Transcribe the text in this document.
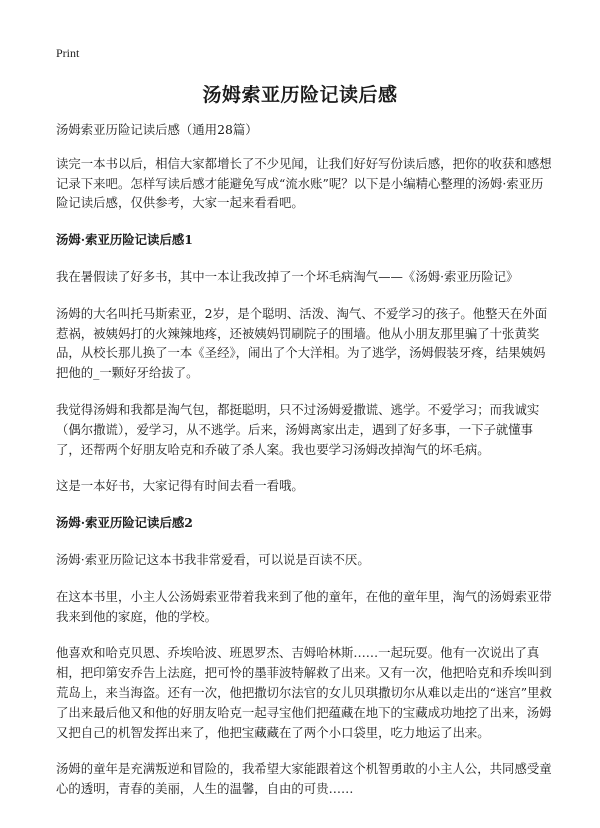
Print
汤姆索亚历险记读后感

汤姆索亚历险记读后感（通用28篇）

读完一本书以后，相信大家都增长了不少见闻，让我们好好写份读后感，把你的收获和感想记录下来吧。怎样写读后感才能避免写成“流水账”呢？以下是小编精心整理的汤姆·索亚历险记读后感，仅供参考，大家一起来看看吧。

汤姆·索亚历险记读后感1

我在暑假读了好多书，其中一本让我改掉了一个坏毛病淘气——《汤姆·索亚历险记》

汤姆的大名叫托马斯索亚，2岁，是个聪明、活泼、淘气、不爱学习的孩子。他整天在外面惹祸，被姨妈打的火辣辣地疼，还被姨妈罚刷院子的围墙。他从小朋友那里骗了十张黄奖品，从校长那儿换了一本《圣经》，闹出了个大洋相。为了逃学，汤姆假装牙疼，结果姨妈把他的_一颗好牙给拔了。

我觉得汤姆和我都是淘气包，都挺聪明，只不过汤姆爱撒谎、逃学。不爱学习；而我诚实（偶尔撒谎），爱学习，从不逃学。后来，汤姆离家出走，遇到了好多事，一下子就懂事了，还帮两个好朋友哈克和乔破了杀人案。我也要学习汤姆改掉淘气的坏毛病。

这是一本好书，大家记得有时间去看一看哦。

汤姆·索亚历险记读后感2

汤姆·索亚历险记这本书我非常爱看，可以说是百读不厌。

在这本书里，小主人公汤姆索亚带着我来到了他的童年，在他的童年里，淘气的汤姆索亚带我来到他的家庭，他的学校。

他喜欢和哈克贝恩、乔埃哈波、班恩罗杰、吉姆哈林斯……一起玩耍。他有一次说出了真相，把印第安乔告上法庭，把可怜的墨菲波特解救了出来。又有一次，他把哈克和乔埃叫到荒岛上，来当海盗。还有一次，他把撒切尔法官的女儿贝琪撒切尔从难以走出的“迷宫”里救了出来最后他又和他的好朋友哈克一起寻宝他们把蕴藏在地下的宝藏成功地挖了出来，汤姆又把自己的机智发挥出来了，他把宝藏藏在了两个小口袋里，吃力地运了出来。

汤姆的童年是充满叛逆和冒险的，我希望大家能跟着这个机智勇敢的小主人公，共同感受童心的透明，青春的美丽，人生的温馨，自由的可贵……
